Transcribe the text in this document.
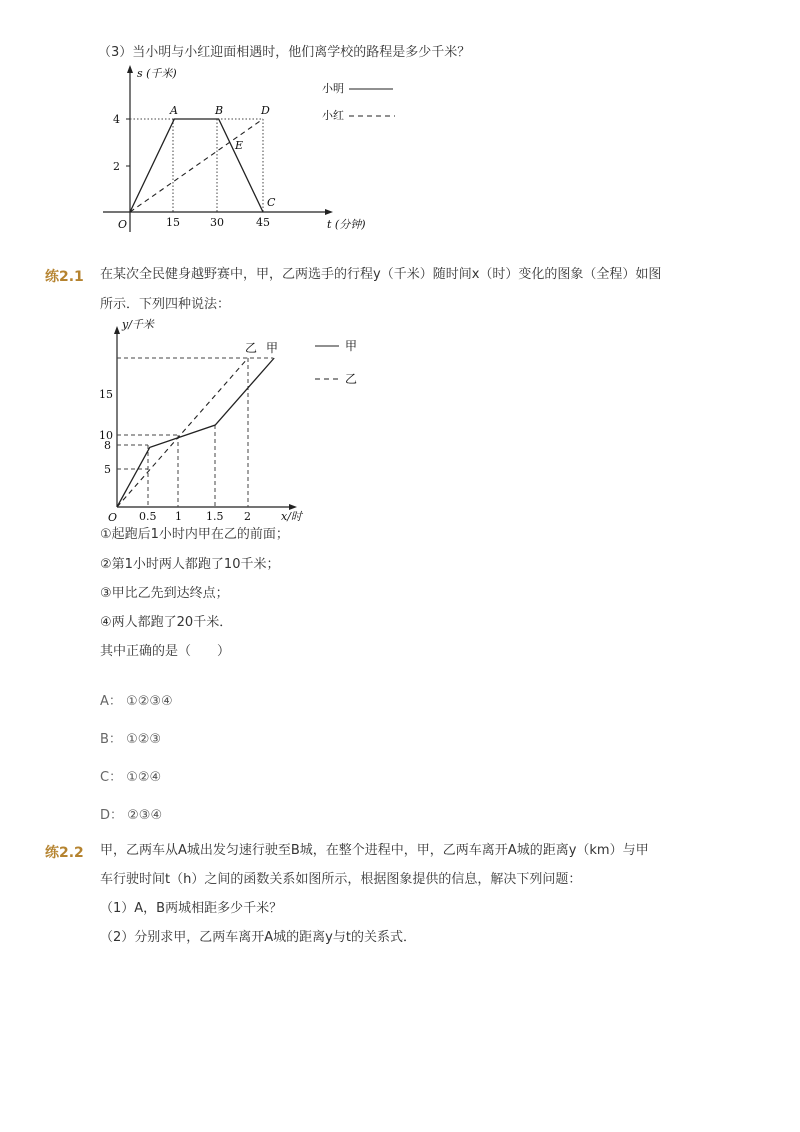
（3）当小明与小红迎面相遇时，他们离学校的路程是多少千米？
s (千米)
t (分钟)
O
4
2
15	30	45
A	B	D
E
C
小明
小红
练2.1 在某次全民健身越野赛中，甲，乙两选手的行程y（千米）随时间x（时）变化的图象（全程）如图
所示．下列四种说法：
y/千米
x/时
O
15
10
8
5
0.5 1 1.5 2
乙 甲	甲
乙
①起跑后1小时内甲在乙的前面；
②第1小时两人都跑了10千米；
③甲比乙先到达终点；
④两人都跑了20千米．
其中正确的是（　　）
A： ①②③④
B： ①②③
C： ①②④
D： ②③④
练2.2 甲，乙两车从A城出发匀速行驶至B城，在整个进程中，甲，乙两车离开A城的距离y（km）与甲
车行驶时间t（h）之间的函数关系如图所示，根据图象提供的信息，解决下列问题：
（1）A，B两城相距多少千米？
（2）分别求甲，乙两车离开A城的距离y与t的关系式．
